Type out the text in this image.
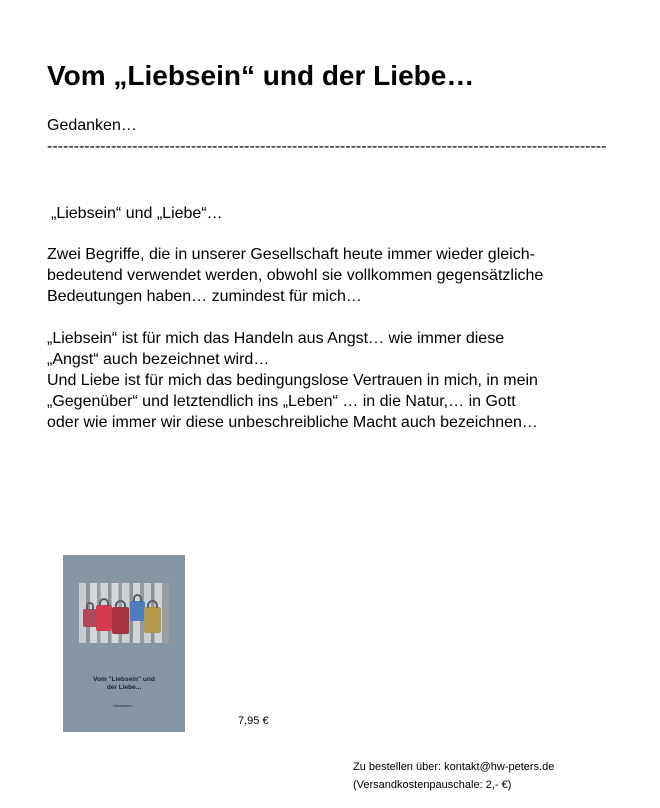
Vom „Liebsein“ und der Liebe…
Gedanken…
---------------------------------------------------------------------------------------------------------

„Liebsein“ und „Liebe“…

Zwei Begriffe, die in unserer Gesellschaft heute immer wieder gleich-
bedeutend verwendet werden, obwohl sie vollkommen gegensätzliche
Bedeutungen haben… zumindest für mich…

„Liebsein“ ist für mich das Handeln aus Angst… wie immer diese
„Angst“ auch bezeichnet wird…
Und Liebe ist für mich das bedingungslose Vertrauen in mich, in mein
„Gegenüber“ und letztendlich ins „Leben“ … in die Natur,… in Gott
oder wie immer wir diese unbeschreibliche Macht auch bezeichnen…

Vom "Liebsein" und
der Liebe...
Gedanken...
7,95 €
Zu bestellen über: kontakt@hw-peters.de
(Versandkostenpauschale: 2,- €)
